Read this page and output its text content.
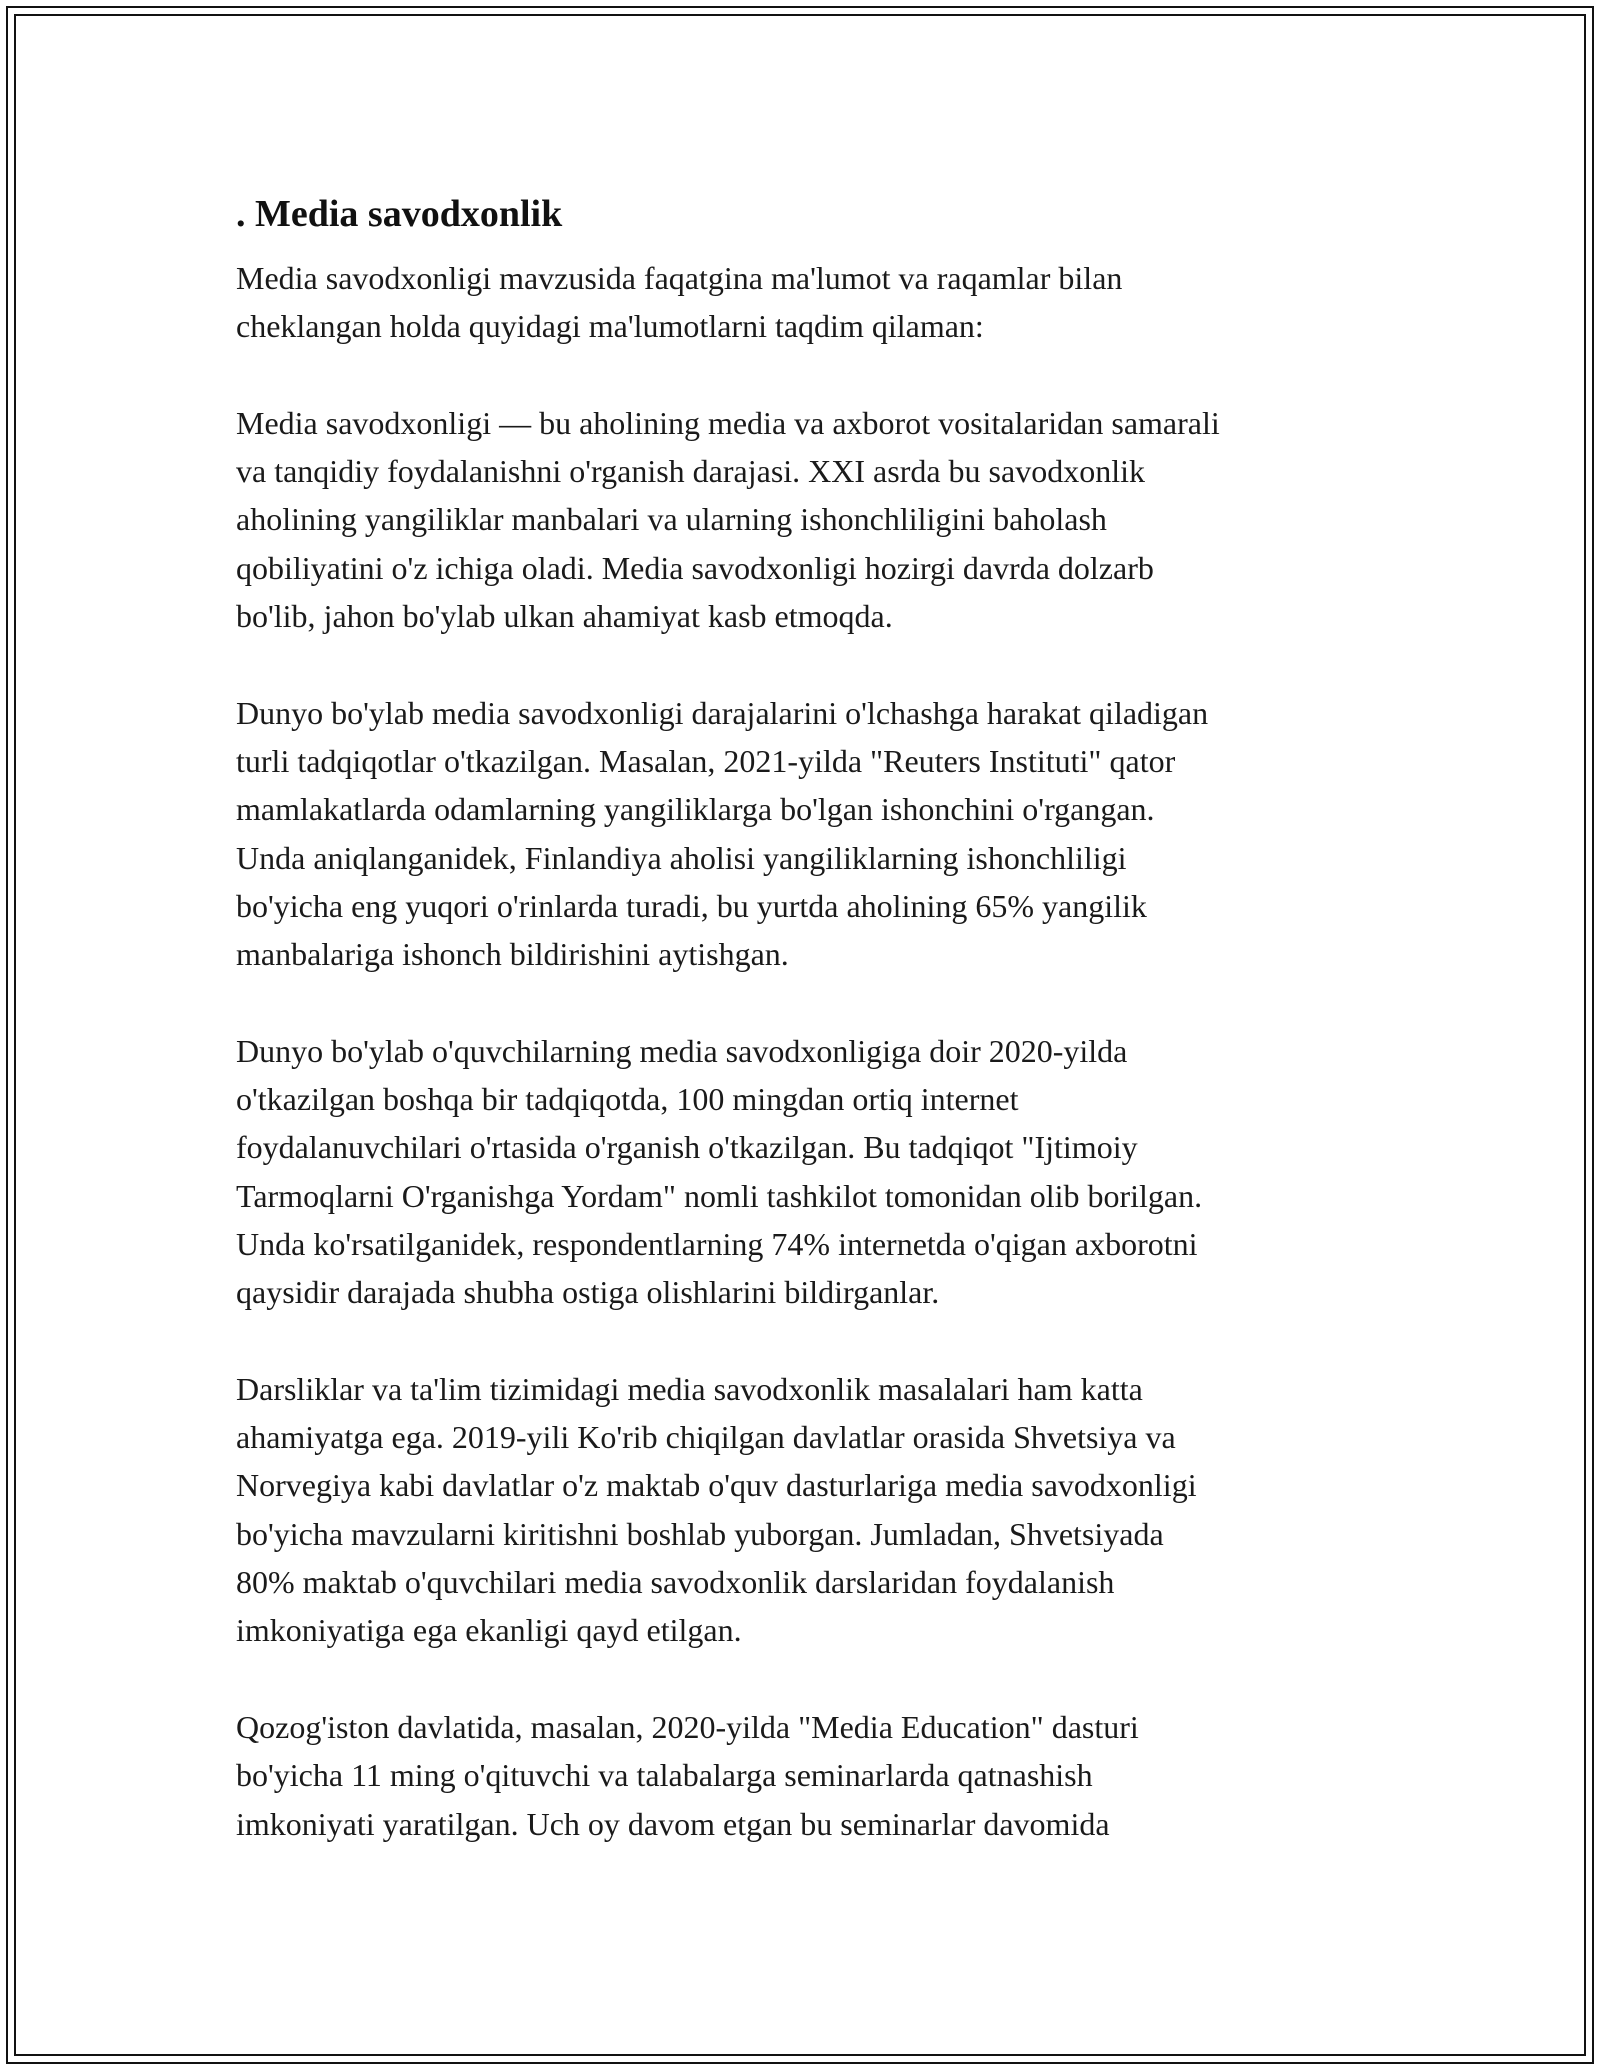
. Media savodxonlik

Media savodxonligi mavzusida faqatgina ma'lumot va raqamlar bilan
cheklangan holda quyidagi ma'lumotlarni taqdim qilaman:

Media savodxonligi — bu aholining media va axborot vositalaridan samarali
va tanqidiy foydalanishni o'rganish darajasi. XXI asrda bu savodxonlik
aholining yangiliklar manbalari va ularning ishonchliligini baholash
qobiliyatini o'z ichiga oladi. Media savodxonligi hozirgi davrda dolzarb
bo'lib, jahon bo'ylab ulkan ahamiyat kasb etmoqda.

Dunyo bo'ylab media savodxonligi darajalarini o'lchashga harakat qiladigan
turli tadqiqotlar o'tkazilgan. Masalan, 2021-yilda "Reuters Instituti" qator
mamlakatlarda odamlarning yangiliklarga bo'lgan ishonchini o'rgangan.
Unda aniqlanganidek, Finlandiya aholisi yangiliklarning ishonchliligi
bo'yicha eng yuqori o'rinlarda turadi, bu yurtda aholining 65% yangilik
manbalariga ishonch bildirishini aytishgan.

Dunyo bo'ylab o'quvchilarning media savodxonligiga doir 2020-yilda
o'tkazilgan boshqa bir tadqiqotda, 100 mingdan ortiq internet
foydalanuvchilari o'rtasida o'rganish o'tkazilgan. Bu tadqiqot "Ijtimoiy
Tarmoqlarni O'rganishga Yordam" nomli tashkilot tomonidan olib borilgan.
Unda ko'rsatilganidek, respondentlarning 74% internetda o'qigan axborotni
qaysidir darajada shubha ostiga olishlarini bildirganlar.

Darsliklar va ta'lim tizimidagi media savodxonlik masalalari ham katta
ahamiyatga ega. 2019-yili Ko'rib chiqilgan davlatlar orasida Shvetsiya va
Norvegiya kabi davlatlar o'z maktab o'quv dasturlariga media savodxonligi
bo'yicha mavzularni kiritishni boshlab yuborgan. Jumladan, Shvetsiyada
80% maktab o'quvchilari media savodxonlik darslaridan foydalanish
imkoniyatiga ega ekanligi qayd etilgan.

Qozog'iston davlatida, masalan, 2020-yilda "Media Education" dasturi
bo'yicha 11 ming o'qituvchi va talabalarga seminarlarda qatnashish
imkoniyati yaratilgan. Uch oy davom etgan bu seminarlar davomida
